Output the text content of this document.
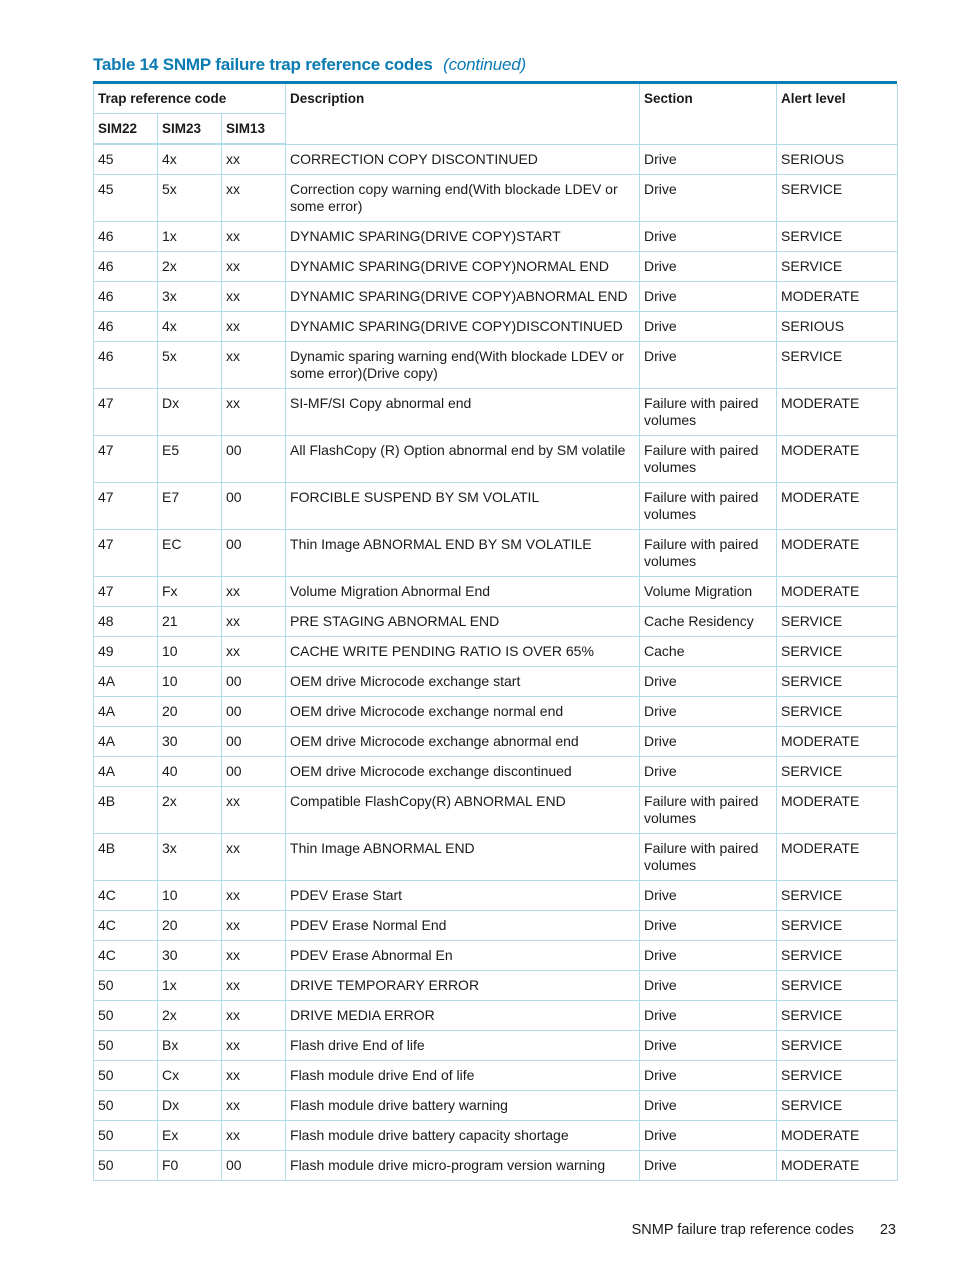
Table 14 SNMP failure trap reference codes (continued)
Trap reference code			Description	Section	Alert level
SIM22	SIM23	SIM13			
45	4x	xx	CORRECTION COPY DISCONTINUED	Drive	SERIOUS
45	5x	xx	Correction copy warning end(With blockade LDEV or some error)	Drive	SERVICE
46	1x	xx	DYNAMIC SPARING(DRIVE COPY)START	Drive	SERVICE
46	2x	xx	DYNAMIC SPARING(DRIVE COPY)NORMAL END	Drive	SERVICE
46	3x	xx	DYNAMIC SPARING(DRIVE COPY)ABNORMAL END	Drive	MODERATE
46	4x	xx	DYNAMIC SPARING(DRIVE COPY)DISCONTINUED	Drive	SERIOUS
46	5x	xx	Dynamic sparing warning end(With blockade LDEV or some error)(Drive copy)	Drive	SERVICE
47	Dx	xx	SI-MF/SI Copy abnormal end	Failure with paired volumes	MODERATE
47	E5	00	All FlashCopy (R) Option abnormal end by SM volatile	Failure with paired volumes	MODERATE
47	E7	00	FORCIBLE SUSPEND BY SM VOLATIL	Failure with paired volumes	MODERATE
47	EC	00	Thin Image ABNORMAL END BY SM VOLATILE	Failure with paired volumes	MODERATE
47	Fx	xx	Volume Migration Abnormal End	Volume Migration	MODERATE
48	21	xx	PRE STAGING ABNORMAL END	Cache Residency	SERVICE
49	10	xx	CACHE WRITE PENDING RATIO IS OVER 65%	Cache	SERVICE
4A	10	00	OEM drive Microcode exchange start	Drive	SERVICE
4A	20	00	OEM drive Microcode exchange normal end	Drive	SERVICE
4A	30	00	OEM drive Microcode exchange abnormal end	Drive	MODERATE
4A	40	00	OEM drive Microcode exchange discontinued	Drive	SERVICE
4B	2x	xx	Compatible FlashCopy(R) ABNORMAL END	Failure with paired volumes	MODERATE
4B	3x	xx	Thin Image ABNORMAL END	Failure with paired volumes	MODERATE
4C	10	xx	PDEV Erase Start	Drive	SERVICE
4C	20	xx	PDEV Erase Normal End	Drive	SERVICE
4C	30	xx	PDEV Erase Abnormal En	Drive	SERVICE
50	1x	xx	DRIVE TEMPORARY ERROR	Drive	SERVICE
50	2x	xx	DRIVE MEDIA ERROR	Drive	SERVICE
50	Bx	xx	Flash drive End of life	Drive	SERVICE
50	Cx	xx	Flash module drive End of life	Drive	SERVICE
50	Dx	xx	Flash module drive battery warning	Drive	SERVICE
50	Ex	xx	Flash module drive battery capacity shortage	Drive	MODERATE
50	F0	00	Flash module drive micro-program version warning	Drive	MODERATE
SNMP failure trap reference codes 23
